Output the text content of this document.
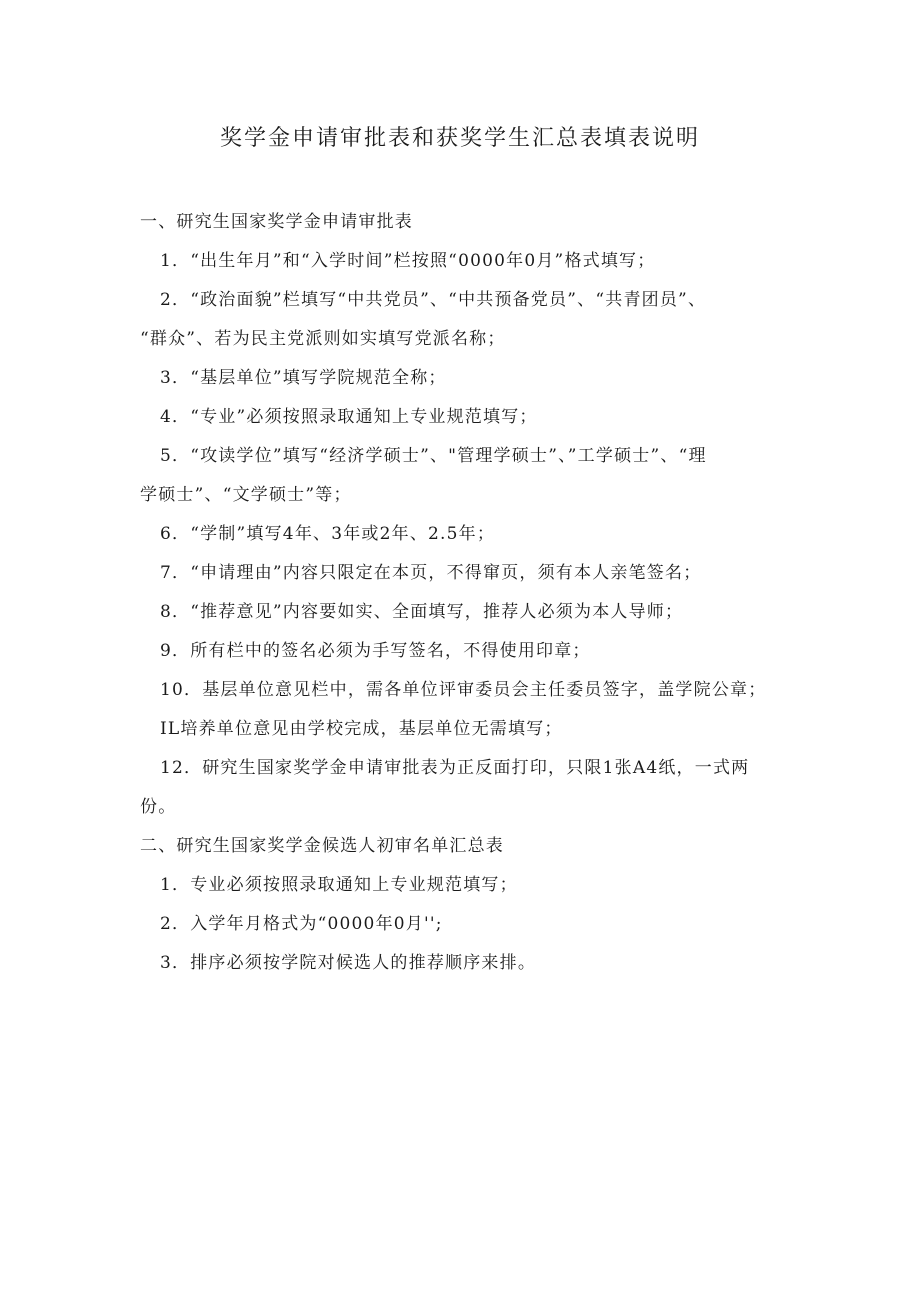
奖学金申请审批表和获奖学生汇总表填表说明

一、研究生国家奖学金申请审批表

1．“出生年月”和“入学时间”栏按照“0000年0月”格式填写；

2．“政治面貌”栏填写“中共党员”、“中共预备党员”、“共青团员”、

“群众”、若为民主党派则如实填写党派名称；

3．“基层单位”填写学院规范全称；

4．“专业”必须按照录取通知上专业规范填写；

5．“攻读学位”填写“经济学硕士”、"管理学硕士”、”工学硕士”、“理

学硕士”、“文学硕士”等；

6．“学制”填写4年、3年或2年、2.5年；

7．“申请理由”内容只限定在本页，不得窜页，须有本人亲笔签名；

8．“推荐意见”内容要如实、全面填写，推荐人必须为本人导师；

9．所有栏中的签名必须为手写签名，不得使用印章；

10．基层单位意见栏中，需各单位评审委员会主任委员签字，盖学院公章；

IL培养单位意见由学校完成，基层单位无需填写；

12．研究生国家奖学金申请审批表为正反面打印，只限1张A4纸，一式两

份。

二、研究生国家奖学金候选人初审名单汇总表

1．专业必须按照录取通知上专业规范填写；

2．入学年月格式为“0000年0月'';

3．排序必须按学院对候选人的推荐顺序来排。
